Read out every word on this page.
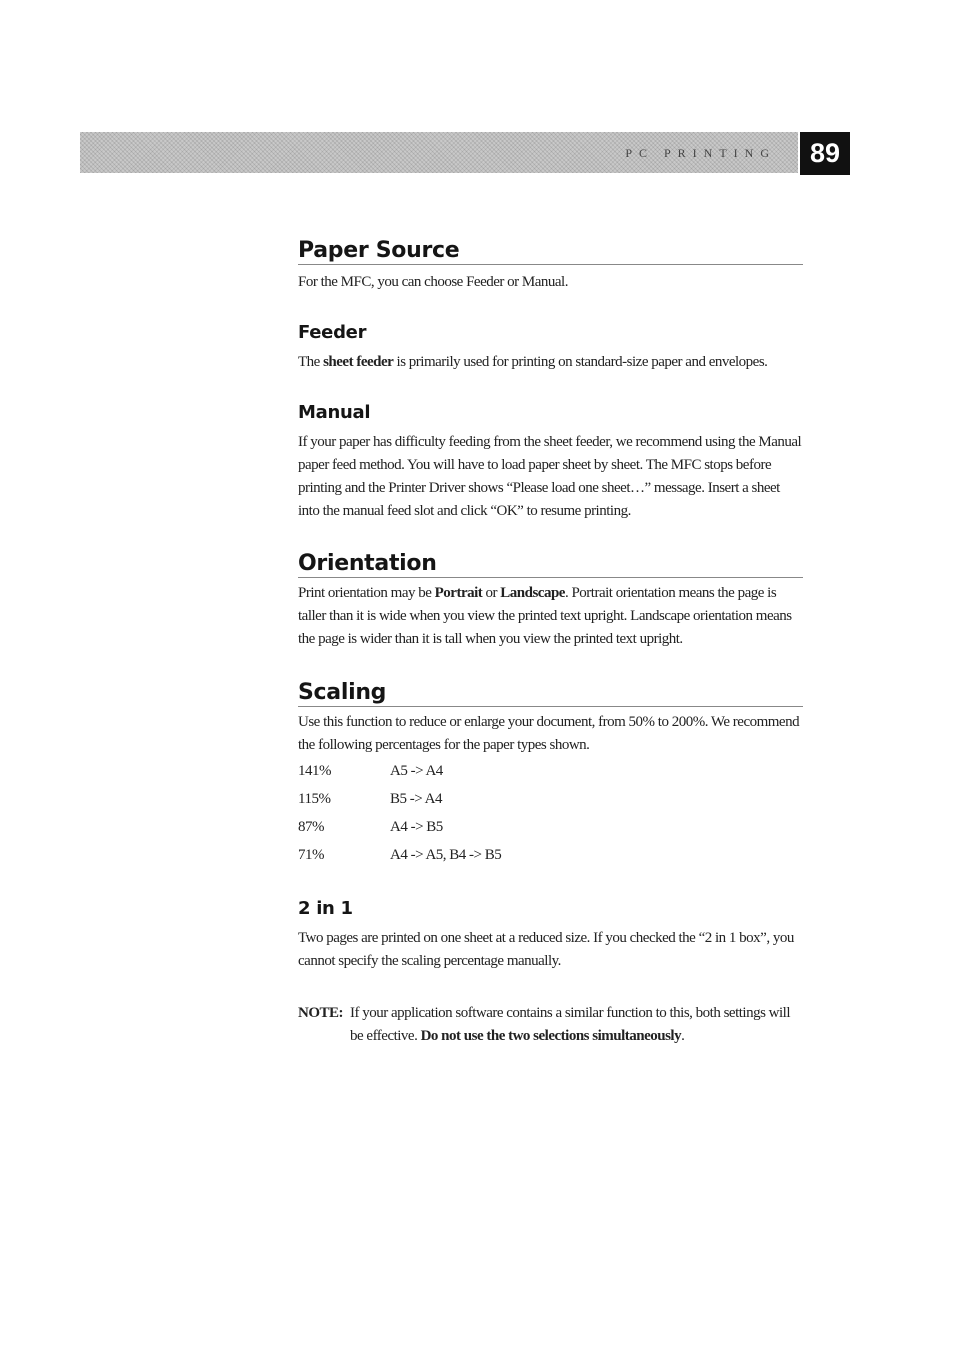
PC PRINTING	89
Paper Source

For the MFC, you can choose Feeder or Manual.

Feeder

The sheet feeder is primarily used for printing on standard-size paper and envelopes.

Manual

If your paper has difficulty feeding from the sheet feeder, we recommend using the Manual paper feed method. You will have to load paper sheet by sheet. The MFC stops before printing and the Printer Driver shows “Please load one sheet…” message. Insert a sheet into the manual feed slot and click “OK” to resume printing.

Orientation

Print orientation may be Portrait or Landscape. Portrait orientation means the page is taller than it is wide when you view the printed text upright. Landscape orientation means the page is wider than it is tall when you view the printed text upright.

Scaling

Use this function to reduce or enlarge your document, from 50% to 200%. We recommend the following percentages for the paper types shown.

141%	A5 -> A4
115%	B5 -> A4
87%	A4 -> B5
71%	A4 -> A5, B4 -> B5
2 in 1

Two pages are printed on one sheet at a reduced size. If you checked the “2 in 1 box”, you cannot specify the scaling percentage manually.

NOTE: If your application software contains a similar function to this, both settings will be effective. Do not use the two selections simultaneously.
